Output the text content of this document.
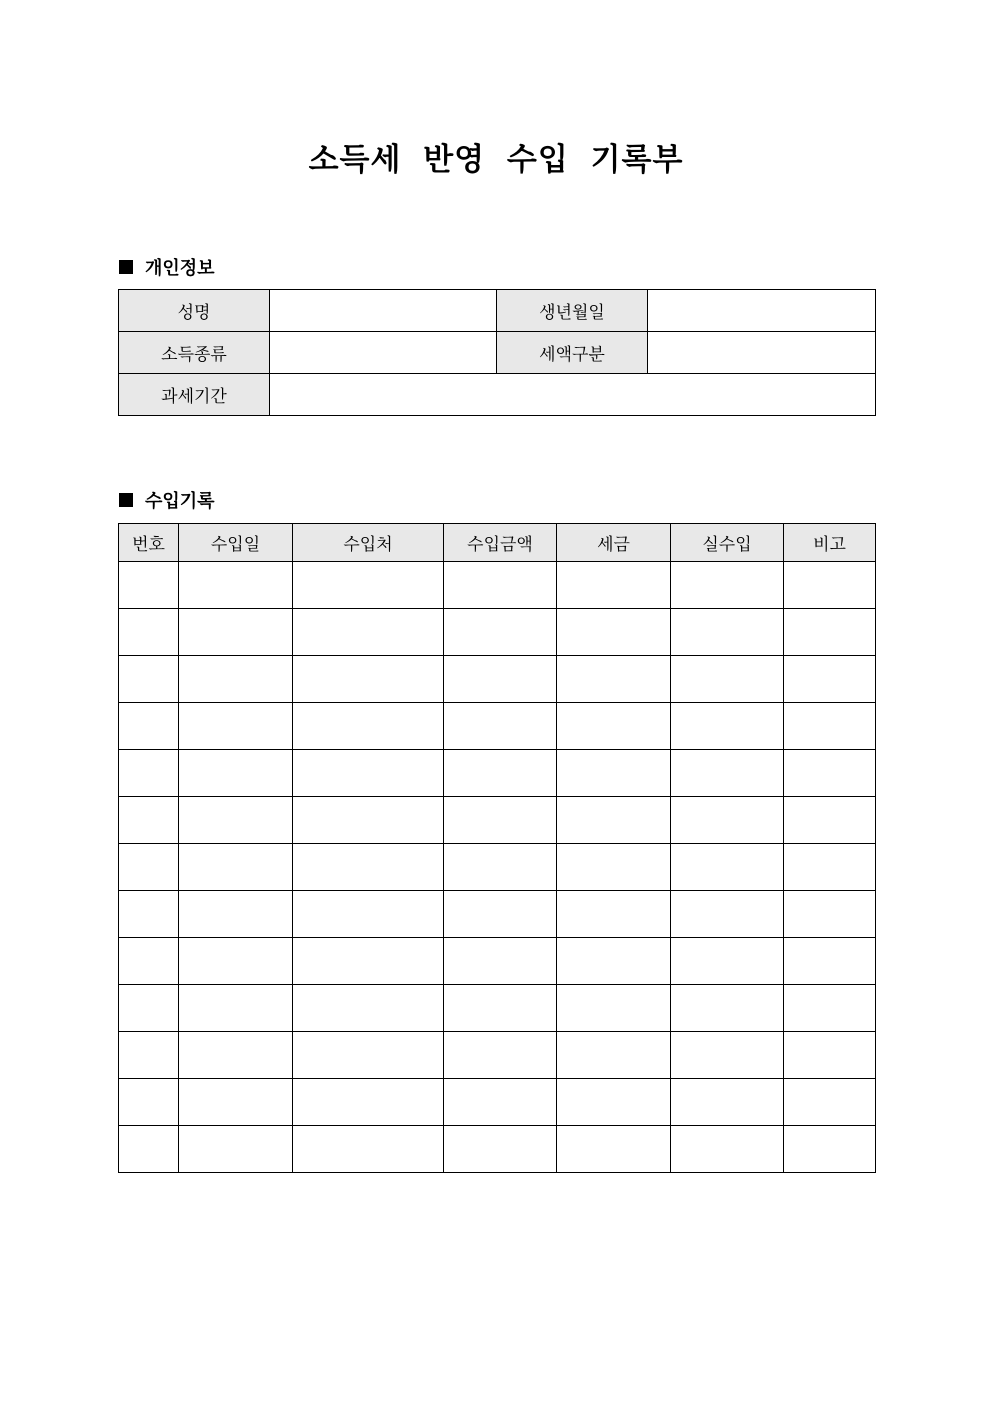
소득세 반영 수입 기록부
개인정보
성명		생년월일	
소득종류		세액구분	
과세기간			
수입기록
번호	수입일	수입처	수입금액	세금	실수입	비고
